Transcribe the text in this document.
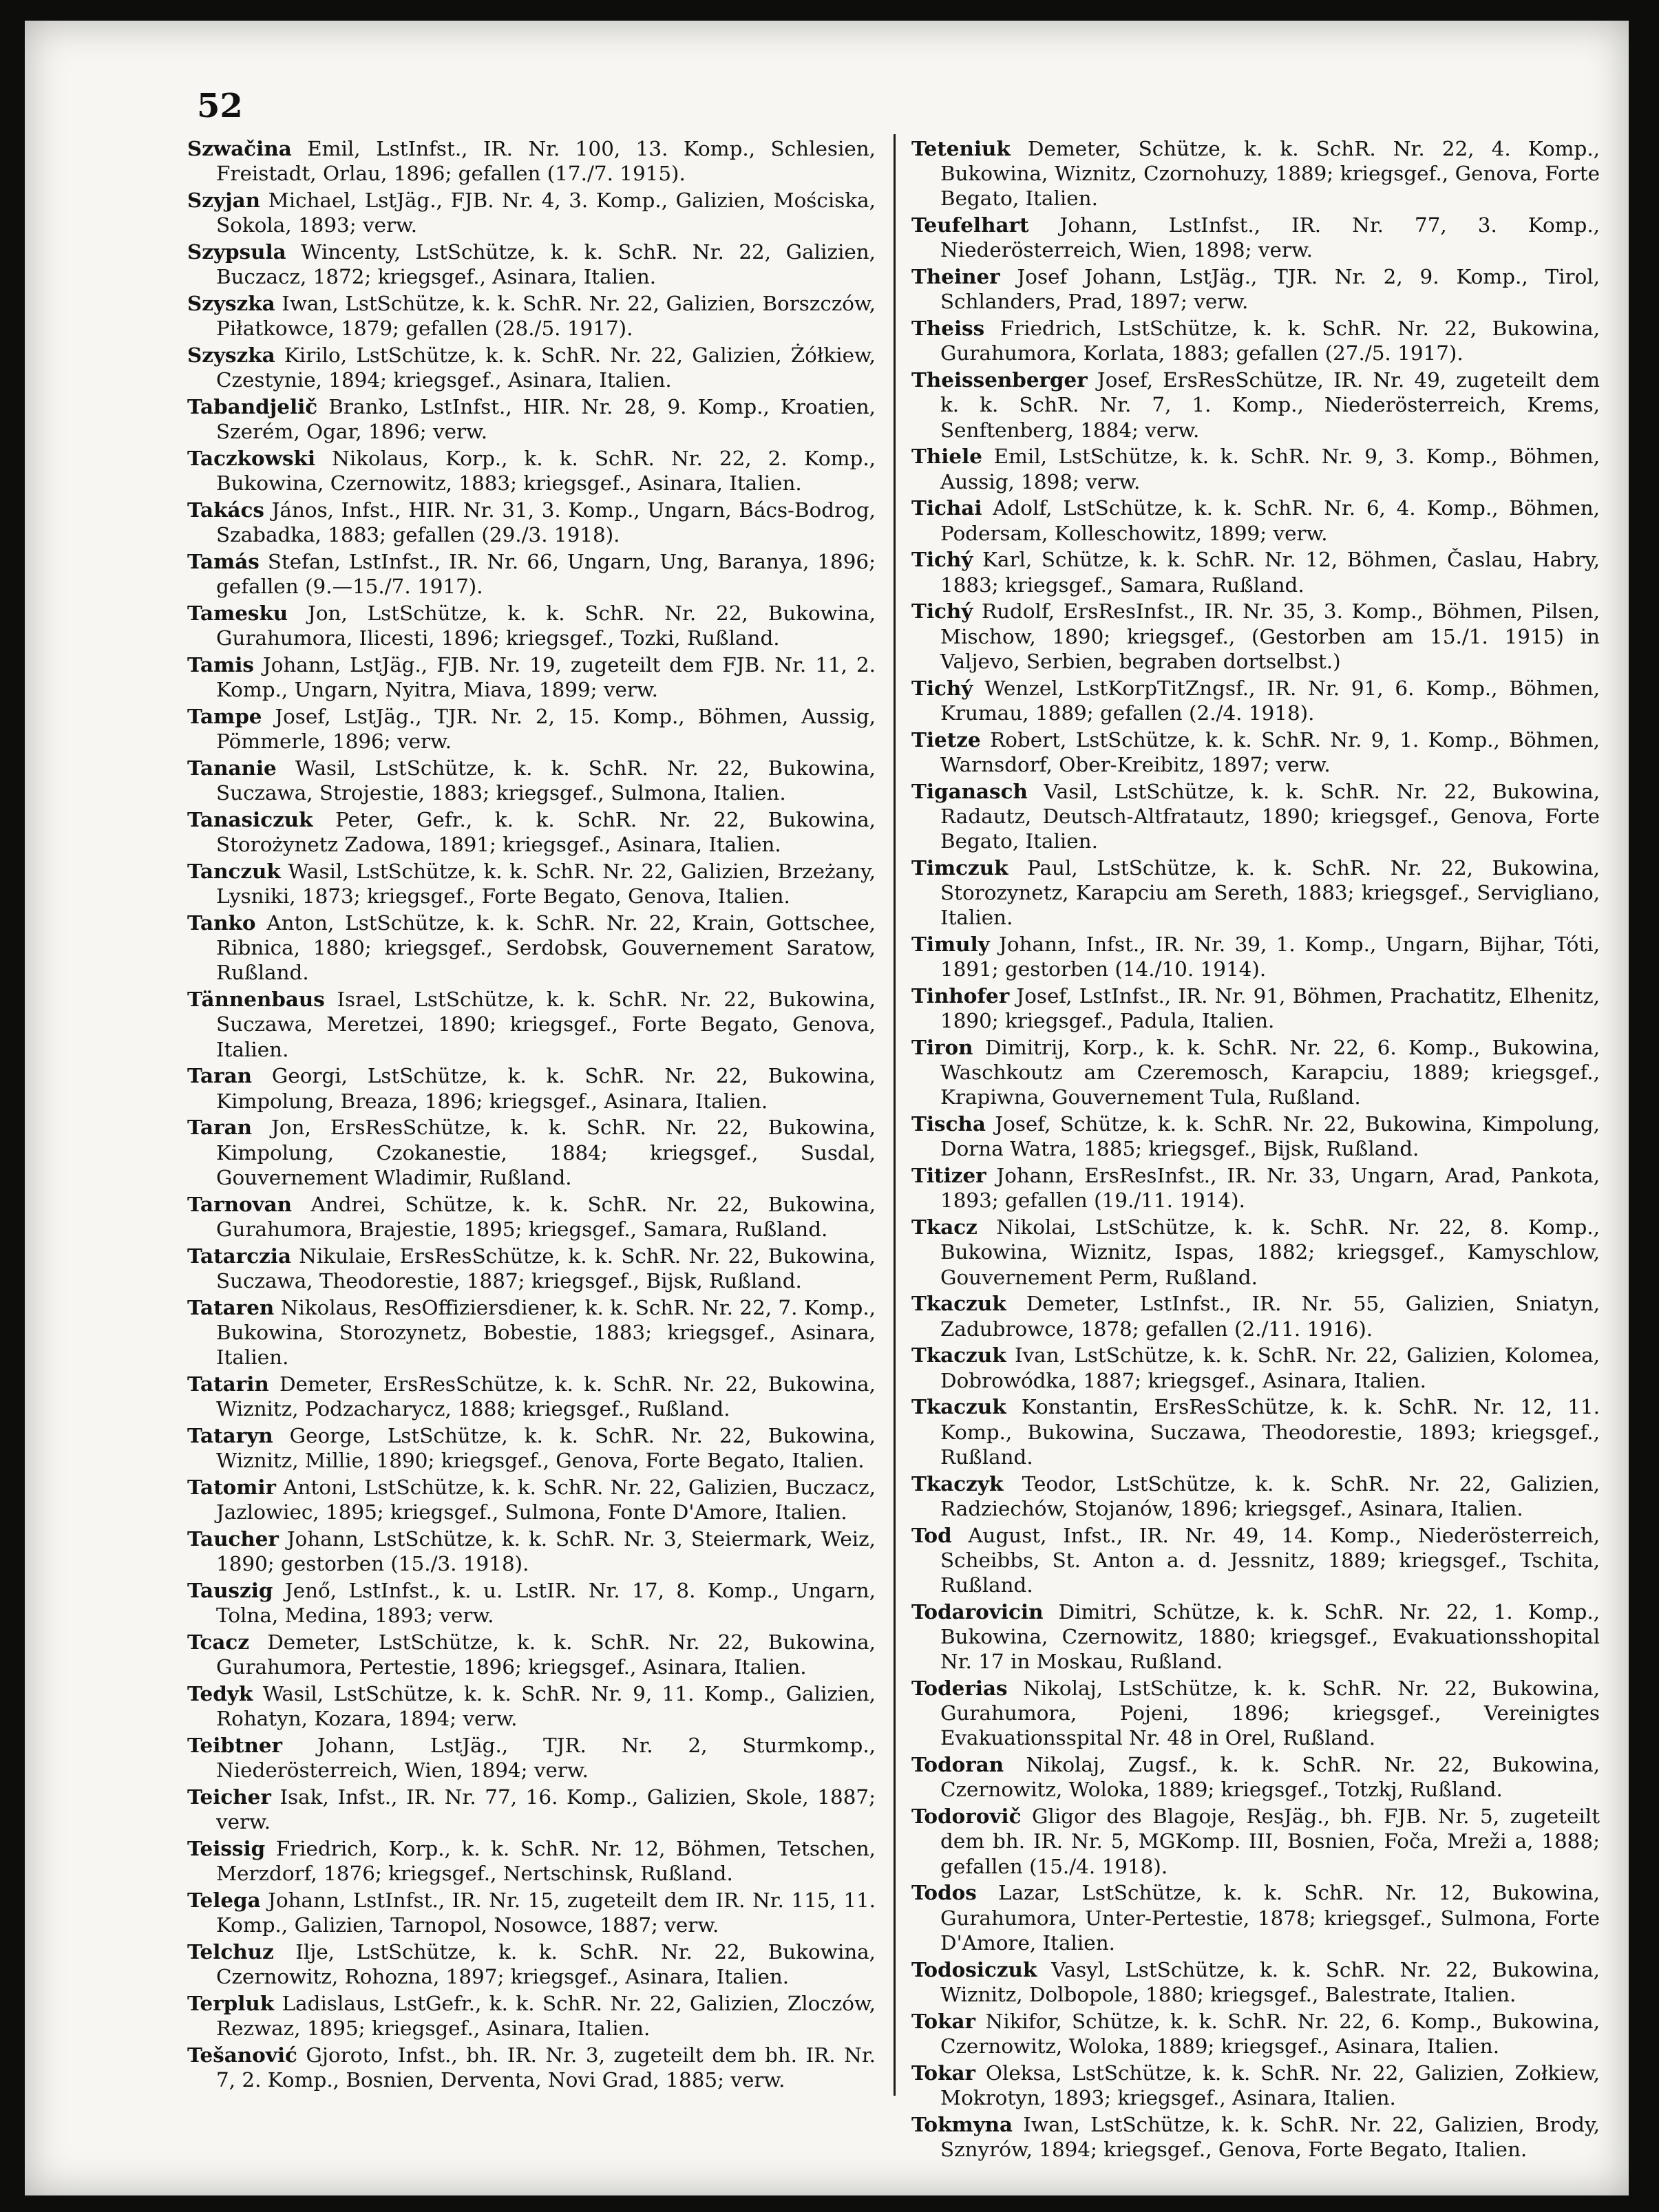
52

Szwačina Emil, LstInfst., IR. Nr. 100, 13. Komp., Schlesien, Freistadt, Orlau, 1896; gefallen (17./7. 1915).

Szyjan Michael, LstJäg., FJB. Nr. 4, 3. Komp., Galizien, Mościska, Sokola, 1893; verw.

Szypsula Wincenty, LstSchütze, k. k. SchR. Nr. 22, Galizien, Buczacz, 1872; kriegsgef., Asinara, Italien.

Szyszka Iwan, LstSchütze, k. k. SchR. Nr. 22, Galizien, Borszczów, Piłatkowce, 1879; gefallen (28./5. 1917).

Szyszka Kirilo, LstSchütze, k. k. SchR. Nr. 22, Galizien, Żółkiew, Czestynie, 1894; kriegsgef., Asinara, Italien.

Tabandjelič Branko, LstInfst., HIR. Nr. 28, 9. Komp., Kroatien, Szerém, Ogar, 1896; verw.

Taczkowski Nikolaus, Korp., k. k. SchR. Nr. 22, 2. Komp., Bukowina, Czernowitz, 1883; kriegsgef., Asinara, Italien.

Takács János, Infst., HIR. Nr. 31, 3. Komp., Ungarn, Bács-Bodrog, Szabadka, 1883; gefallen (29./3. 1918).

Tamás Stefan, LstInfst., IR. Nr. 66, Ungarn, Ung, Baranya, 1896; gefallen (9.—15./7. 1917).

Tamesku Jon, LstSchütze, k. k. SchR. Nr. 22, Bukowina, Gurahumora, Ilicesti, 1896; kriegsgef., Tozki, Rußland.

Tamis Johann, LstJäg., FJB. Nr. 19, zugeteilt dem FJB. Nr. 11, 2. Komp., Ungarn, Nyitra, Miava, 1899; verw.

Tampe Josef, LstJäg., TJR. Nr. 2, 15. Komp., Böhmen, Aussig, Pömmerle, 1896; verw.

Tananie Wasil, LstSchütze, k. k. SchR. Nr. 22, Bukowina, Suczawa, Strojestie, 1883; kriegsgef., Sulmona, Italien.

Tanasiczuk Peter, Gefr., k. k. SchR. Nr. 22, Bukowina, Storożynetz Zadowa, 1891; kriegsgef., Asinara, Italien.

Tanczuk Wasil, LstSchütze, k. k. SchR. Nr. 22, Galizien, Brzeżany, Lysniki, 1873; kriegsgef., Forte Begato, Genova, Italien.

Tanko Anton, LstSchütze, k. k. SchR. Nr. 22, Krain, Gottschee, Ribnica, 1880; kriegsgef., Serdobsk, Gouvernement Saratow, Rußland.

Tännenbaus Israel, LstSchütze, k. k. SchR. Nr. 22, Bukowina, Suczawa, Meretzei, 1890; kriegsgef., Forte Begato, Genova, Italien.

Taran Georgi, LstSchütze, k. k. SchR. Nr. 22, Bukowina, Kimpolung, Breaza, 1896; kriegsgef., Asinara, Italien.

Taran Jon, ErsResSchütze, k. k. SchR. Nr. 22, Bukowina, Kimpolung, Czokanestie, 1884; kriegsgef., Susdal, Gouvernement Wladimir, Rußland.

Tarnovan Andrei, Schütze, k. k. SchR. Nr. 22, Bukowina, Gurahumora, Brajestie, 1895; kriegsgef., Samara, Rußland.

Tatarczia Nikulaie, ErsResSchütze, k. k. SchR. Nr. 22, Bukowina, Suczawa, Theodorestie, 1887; kriegsgef., Bijsk, Rußland.

Tataren Nikolaus, ResOffiziersdiener, k. k. SchR. Nr. 22, 7. Komp., Bukowina, Storozynetz, Bobestie, 1883; kriegsgef., Asinara, Italien.

Tatarin Demeter, ErsResSchütze, k. k. SchR. Nr. 22, Bukowina, Wiznitz, Podzacharycz, 1888; kriegsgef., Rußland.

Tataryn George, LstSchütze, k. k. SchR. Nr. 22, Bukowina, Wiznitz, Millie, 1890; kriegsgef., Genova, Forte Begato, Italien.

Tatomir Antoni, LstSchütze, k. k. SchR. Nr. 22, Galizien, Buczacz, Jazlowiec, 1895; kriegsgef., Sulmona, Fonte D'Amore, Italien.

Taucher Johann, LstSchütze, k. k. SchR. Nr. 3, Steiermark, Weiz, 1890; gestorben (15./3. 1918).

Tauszig Jenő, LstInfst., k. u. LstIR. Nr. 17, 8. Komp., Ungarn, Tolna, Medina, 1893; verw.

Tcacz Demeter, LstSchütze, k. k. SchR. Nr. 22, Bukowina, Gurahumora, Pertestie, 1896; kriegsgef., Asinara, Italien.

Tedyk Wasil, LstSchütze, k. k. SchR. Nr. 9, 11. Komp., Galizien, Rohatyn, Kozara, 1894; verw.

Teibtner Johann, LstJäg., TJR. Nr. 2, Sturmkomp., Niederösterreich, Wien, 1894; verw.

Teicher Isak, Infst., IR. Nr. 77, 16. Komp., Galizien, Skole, 1887; verw.

Teissig Friedrich, Korp., k. k. SchR. Nr. 12, Böhmen, Tetschen, Merzdorf, 1876; kriegsgef., Nertschinsk, Rußland.

Telega Johann, LstInfst., IR. Nr. 15, zugeteilt dem IR. Nr. 115, 11. Komp., Galizien, Tarnopol, Nosowce, 1887; verw.

Telchuz Ilje, LstSchütze, k. k. SchR. Nr. 22, Bukowina, Czernowitz, Rohozna, 1897; kriegsgef., Asinara, Italien.

Terpluk Ladislaus, LstGefr., k. k. SchR. Nr. 22, Galizien, Zloczów, Rezwaz, 1895; kriegsgef., Asinara, Italien.

Tešanović Gjoroto, Infst., bh. IR. Nr. 3, zugeteilt dem bh. IR. Nr. 7, 2. Komp., Bosnien, Derventa, Novi Grad, 1885; verw.

Teteniuk Demeter, Schütze, k. k. SchR. Nr. 22, 4. Komp., Bukowina, Wiznitz, Czornohuzy, 1889; kriegsgef., Genova, Forte Begato, Italien.

Teufelhart Johann, LstInfst., IR. Nr. 77, 3. Komp., Niederösterreich, Wien, 1898; verw.

Theiner Josef Johann, LstJäg., TJR. Nr. 2, 9. Komp., Tirol, Schlanders, Prad, 1897; verw.

Theiss Friedrich, LstSchütze, k. k. SchR. Nr. 22, Bukowina, Gurahumora, Korlata, 1883; gefallen (27./5. 1917).

Theissenberger Josef, ErsResSchütze, IR. Nr. 49, zugeteilt dem k. k. SchR. Nr. 7, 1. Komp., Niederösterreich, Krems, Senftenberg, 1884; verw.

Thiele Emil, LstSchütze, k. k. SchR. Nr. 9, 3. Komp., Böhmen, Aussig, 1898; verw.

Tichai Adolf, LstSchütze, k. k. SchR. Nr. 6, 4. Komp., Böhmen, Podersam, Kolleschowitz, 1899; verw.

Tichý Karl, Schütze, k. k. SchR. Nr. 12, Böhmen, Časlau, Habry, 1883; kriegsgef., Samara, Rußland.

Tichý Rudolf, ErsResInfst., IR. Nr. 35, 3. Komp., Böhmen, Pilsen, Mischow, 1890; kriegsgef., (Gestorben am 15./1. 1915) in Valjevo, Serbien, begraben dortselbst.)

Tichý Wenzel, LstKorpTitZngsf., IR. Nr. 91, 6. Komp., Böhmen, Krumau, 1889; gefallen (2./4. 1918).

Tietze Robert, LstSchütze, k. k. SchR. Nr. 9, 1. Komp., Böhmen, Warnsdorf, Ober-Kreibitz, 1897; verw.

Tiganasch Vasil, LstSchütze, k. k. SchR. Nr. 22, Bukowina, Radautz, Deutsch-Altfratautz, 1890; kriegsgef., Genova, Forte Begato, Italien.

Timczuk Paul, LstSchütze, k. k. SchR. Nr. 22, Bukowina, Storozynetz, Karapciu am Sereth, 1883; kriegsgef., Servigliano, Italien.

Timuly Johann, Infst., IR. Nr. 39, 1. Komp., Ungarn, Bijhar, Tóti, 1891; gestorben (14./10. 1914).

Tinhofer Josef, LstInfst., IR. Nr. 91, Böhmen, Prachatitz, Elhenitz, 1890; kriegsgef., Padula, Italien.

Tiron Dimitrij, Korp., k. k. SchR. Nr. 22, 6. Komp., Bukowina, Waschkoutz am Czeremosch, Karapciu, 1889; kriegsgef., Krapiwna, Gouvernement Tula, Rußland.

Tischa Josef, Schütze, k. k. SchR. Nr. 22, Bukowina, Kimpolung, Dorna Watra, 1885; kriegsgef., Bijsk, Rußland.

Titizer Johann, ErsResInfst., IR. Nr. 33, Ungarn, Arad, Pankota, 1893; gefallen (19./11. 1914).

Tkacz Nikolai, LstSchütze, k. k. SchR. Nr. 22, 8. Komp., Bukowina, Wiznitz, Ispas, 1882; kriegsgef., Kamyschlow, Gouvernement Perm, Rußland.

Tkaczuk Demeter, LstInfst., IR. Nr. 55, Galizien, Sniatyn, Zadubrowce, 1878; gefallen (2./11. 1916).

Tkaczuk Ivan, LstSchütze, k. k. SchR. Nr. 22, Galizien, Kolomea, Dobrowódka, 1887; kriegsgef., Asinara, Italien.

Tkaczuk Konstantin, ErsResSchütze, k. k. SchR. Nr. 12, 11. Komp., Bukowina, Suczawa, Theodorestie, 1893; kriegsgef., Rußland.

Tkaczyk Teodor, LstSchütze, k. k. SchR. Nr. 22, Galizien, Radziechów, Stojanów, 1896; kriegsgef., Asinara, Italien.

Tod August, Infst., IR. Nr. 49, 14. Komp., Niederösterreich, Scheibbs, St. Anton a. d. Jessnitz, 1889; kriegsgef., Tschita, Rußland.

Todarovicin Dimitri, Schütze, k. k. SchR. Nr. 22, 1. Komp., Bukowina, Czernowitz, 1880; kriegsgef., Evakuationsshopital Nr. 17 in Moskau, Rußland.

Toderias Nikolaj, LstSchütze, k. k. SchR. Nr. 22, Bukowina, Gurahumora, Pojeni, 1896; kriegsgef., Vereinigtes Evakuationsspital Nr. 48 in Orel, Rußland.

Todoran Nikolaj, Zugsf., k. k. SchR. Nr. 22, Bukowina, Czernowitz, Woloka, 1889; kriegsgef., Totzkj, Rußland.

Todorovič Gligor des Blagoje, ResJäg., bh. FJB. Nr. 5, zugeteilt dem bh. IR. Nr. 5, MGKomp. III, Bosnien, Foča, Mreži a, 1888; gefallen (15./4. 1918).

Todos Lazar, LstSchütze, k. k. SchR. Nr. 12, Bukowina, Gurahumora, Unter-Pertestie, 1878; kriegsgef., Sulmona, Forte D'Amore, Italien.

Todosiczuk Vasyl, LstSchütze, k. k. SchR. Nr. 22, Bukowina, Wiznitz, Dolbopole, 1880; kriegsgef., Balestrate, Italien.

Tokar Nikifor, Schütze, k. k. SchR. Nr. 22, 6. Komp., Bukowina, Czernowitz, Woloka, 1889; kriegsgef., Asinara, Italien.

Tokar Oleksa, LstSchütze, k. k. SchR. Nr. 22, Galizien, Zołkiew, Mokrotyn, 1893; kriegsgef., Asinara, Italien.

Tokmyna Iwan, LstSchütze, k. k. SchR. Nr. 22, Galizien, Brody, Sznyrów, 1894; kriegsgef., Genova, Forte Begato, Italien.
